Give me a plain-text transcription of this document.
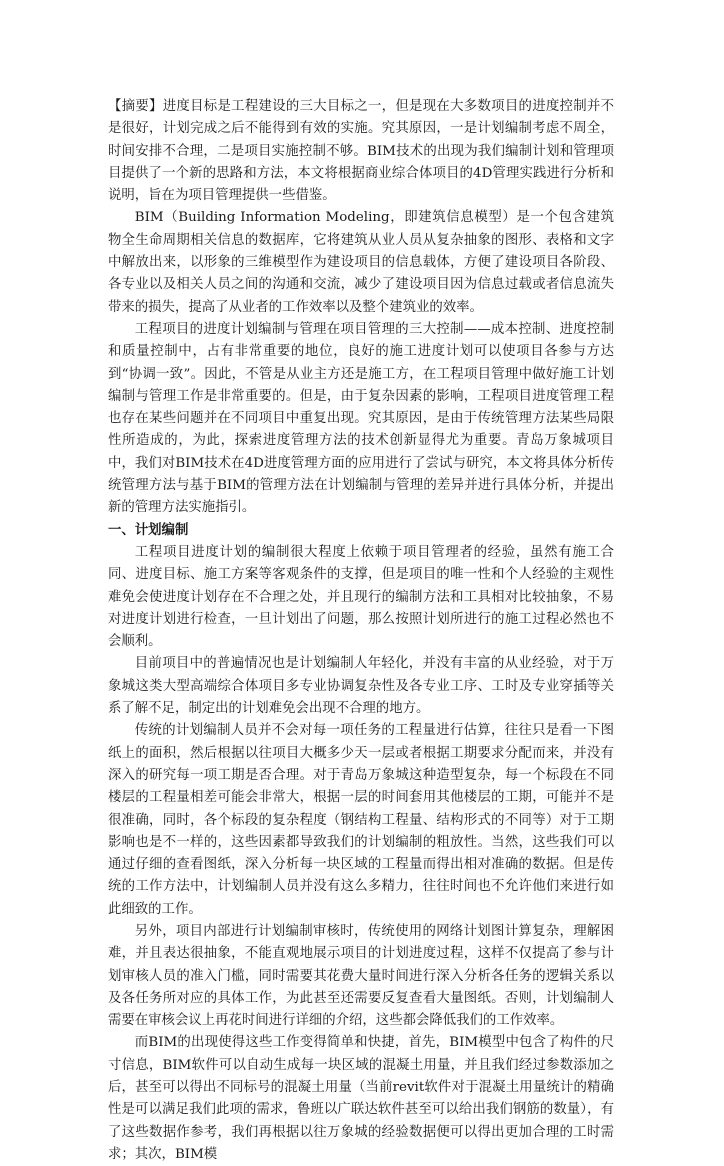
【摘要】进度目标是工程建设的三大目标之一，但是现在大多数项目的进度控制并不是很好，计划完成之后不能得到有效的实施。究其原因，一是计划编制考虑不周全，时间安排不合理，二是项目实施控制不够。BIM技术的出现为我们编制计划和管理项目提供了一个新的思路和方法，本文将根据商业综合体项目的4D管理实践进行分析和说明，旨在为项目管理提供一些借鉴。

BIM（Building Information Modeling，即建筑信息模型）是一个包含建筑物全生命周期相关信息的数据库，它将建筑从业人员从复杂抽象的图形、表格和文字中解放出来，以形象的三维模型作为建设项目的信息载体，方便了建设项目各阶段、各专业以及相关人员之间的沟通和交流，减少了建设项目因为信息过载或者信息流失带来的损失，提高了从业者的工作效率以及整个建筑业的效率。

工程项目的进度计划编制与管理在项目管理的三大控制——成本控制、进度控制和质量控制中，占有非常重要的地位，良好的施工进度计划可以使项目各参与方达到“协调一致”。因此，不管是从业主方还是施工方，在工程项目管理中做好施工计划编制与管理工作是非常重要的。但是，由于复杂因素的影响，工程项目进度管理工程也存在某些问题并在不同项目中重复出现。究其原因，是由于传统管理方法某些局限性所造成的，为此，探索进度管理方法的技术创新显得尤为重要。青岛万象城项目中，我们对BIM技术在4D进度管理方面的应用进行了尝试与研究，本文将具体分析传统管理方法与基于BIM的管理方法在计划编制与管理的差异并进行具体分析，并提出新的管理方法实施指引。

一、计划编制

工程项目进度计划的编制很大程度上依赖于项目管理者的经验，虽然有施工合同、进度目标、施工方案等客观条件的支撑，但是项目的唯一性和个人经验的主观性难免会使进度计划存在不合理之处，并且现行的编制方法和工具相对比较抽象，不易对进度计划进行检查，一旦计划出了问题，那么按照计划所进行的施工过程必然也不会顺利。

目前项目中的普遍情况也是计划编制人年轻化，并没有丰富的从业经验，对于万象城这类大型高端综合体项目多专业协调复杂性及各专业工序、工时及专业穿插等关系了解不足，制定出的计划难免会出现不合理的地方。

传统的计划编制人员并不会对每一项任务的工程量进行估算，往往只是看一下图纸上的面积，然后根据以往项目大概多少天一层或者根据工期要求分配而来，并没有深入的研究每一项工期是否合理。对于青岛万象城这种造型复杂，每一个标段在不同楼层的工程量相差可能会非常大，根据一层的时间套用其他楼层的工期，可能并不是很准确，同时，各个标段的复杂程度（钢结构工程量、结构形式的不同等）对于工期影响也是不一样的，这些因素都导致我们的计划编制的粗放性。当然，这些我们可以通过仔细的查看图纸，深入分析每一块区域的工程量而得出相对准确的数据。但是传统的工作方法中，计划编制人员并没有这么多精力，往往时间也不允许他们来进行如此细致的工作。

另外，项目内部进行计划编制审核时，传统使用的网络计划图计算复杂，理解困难，并且表达很抽象，不能直观地展示项目的计划进度过程，这样不仅提高了参与计划审核人员的准入门槛，同时需要其花费大量时间进行深入分析各任务的逻辑关系以及各任务所对应的具体工作，为此甚至还需要反复查看大量图纸。否则，计划编制人需要在审核会议上再花时间进行详细的介绍，这些都会降低我们的工作效率。

而BIM的出现使得这些工作变得简单和快捷，首先，BIM模型中包含了构件的尺寸信息，BIM软件可以自动生成每一块区域的混凝土用量，并且我们经过参数添加之后，甚至可以得出不同标号的混凝土用量（当前revit软件对于混凝土用量统计的精确性是可以满足我们此项的需求，鲁班以广联达软件甚至可以给出我们钢筋的数量），有了这些数据作参考，我们再根据以往万象城的经验数据便可以得出更加合理的工时需求；其次，BIM模
